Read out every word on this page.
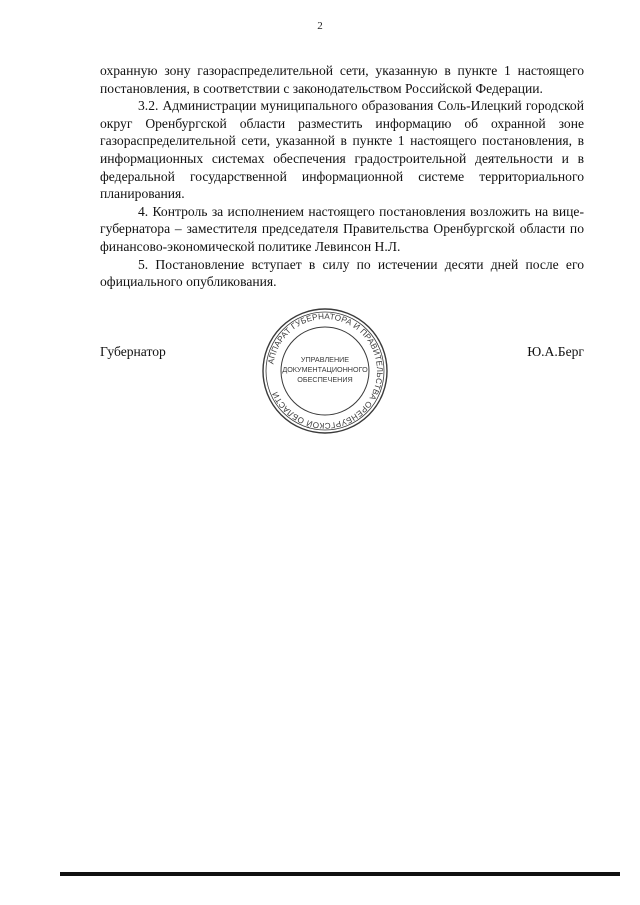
2

охранную зону газораспределительной сети, указанную в пункте 1 настоящего постановления, в соответствии с законодательством Российской Федерации.

3.2. Администрации муниципального образования Соль-Илецкий городской округ Оренбургской области разместить информацию об охранной зоне газораспределительной сети, указанной в пункте 1 настоящего постановления, в информационных системах обеспечения градостроительной деятельности и в федеральной государственной информационной системе территориального планирования.

4. Контроль за исполнением настоящего постановления возложить на вице-губернатора – заместителя председателя Правительства Оренбургской области по финансово-экономической политике Левинсон Н.Л.

5. Постановление вступает в силу по истечении десяти дней после его официального опубликования.

Губернатор	Ю.А.Берг
АППАРАТ ГУБЕРНАТОРА И ПРАВИТЕЛЬСТВА ОРЕНБУРГСКОЙ ОБЛАСТИ
УПРАВЛЕНИЕ
ДОКУМЕНТАЦИОННОГО
ОБЕСПЕЧЕНИЯ
